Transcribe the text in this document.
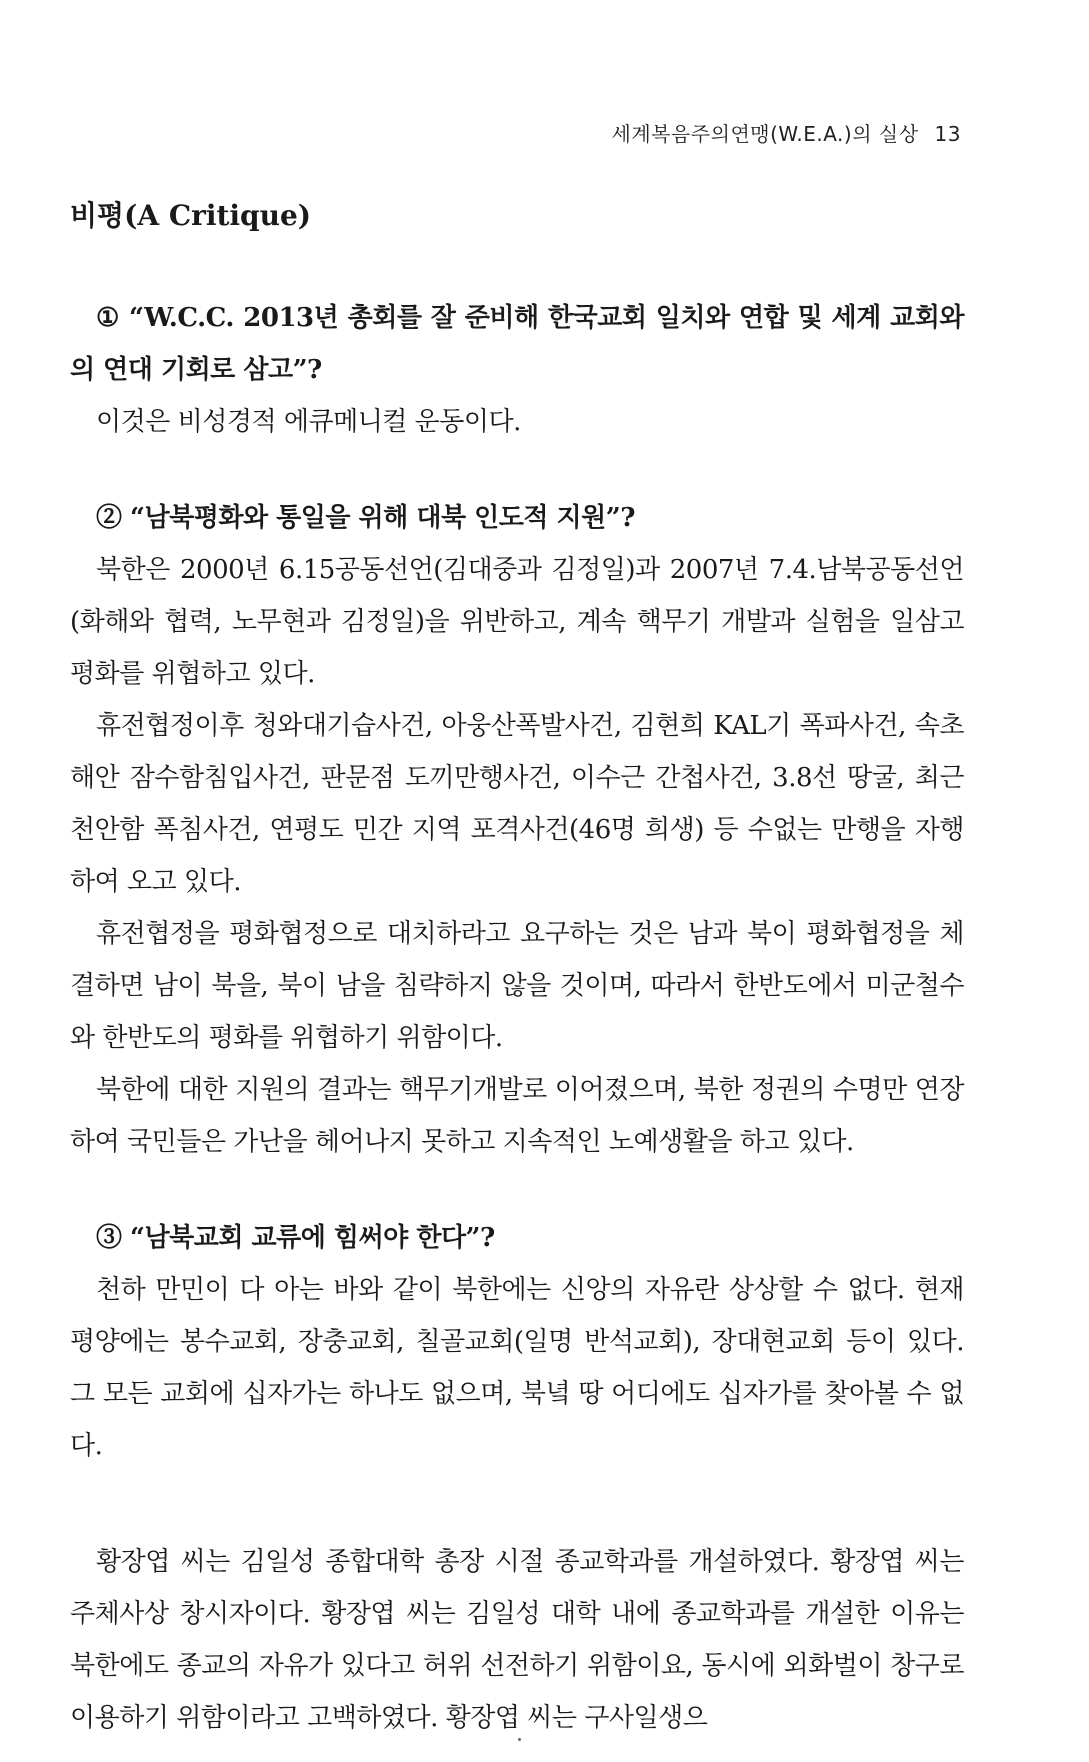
세계복음주의연맹(W.E.A.)의 실상 13
비평(A Critique)

① “W.C.C. 2013년 총회를 잘 준비해 한국교회 일치와 연합 및 세계 교회와의 연대 기회로 삼고”?

이것은 비성경적 에큐메니컬 운동이다.

② “남북평화와 통일을 위해 대북 인도적 지원”?

북한은 2000년 6.15공동선언(김대중과 김정일)과 2007년 7.4.남북공동선언(화해와 협력, 노무현과 김정일)을 위반하고, 계속 핵무기 개발과 실험을 일삼고 평화를 위협하고 있다.

휴전협정이후 청와대기습사건, 아웅산폭발사건, 김현희 KAL기 폭파사건, 속초해안 잠수함침입사건, 판문점 도끼만행사건, 이수근 간첩사건, 3.8선 땅굴, 최근 천안함 폭침사건, 연평도 민간 지역 포격사건(46명 희생) 등 수없는 만행을 자행하여 오고 있다.

휴전협정을 평화협정으로 대치하라고 요구하는 것은 남과 북이 평화협정을 체결하면 남이 북을, 북이 남을 침략하지 않을 것이며, 따라서 한반도에서 미군철수와 한반도의 평화를 위협하기 위함이다.

북한에 대한 지원의 결과는 핵무기개발로 이어졌으며, 북한 정권의 수명만 연장하여 국민들은 가난을 헤어나지 못하고 지속적인 노예생활을 하고 있다.

③ “남북교회 교류에 힘써야 한다”?

천하 만민이 다 아는 바와 같이 북한에는 신앙의 자유란 상상할 수 없다. 현재 평양에는 봉수교회, 장충교회, 칠골교회(일명 반석교회), 장대현교회 등이 있다. 그 모든 교회에 십자가는 하나도 없으며, 북녘 땅 어디에도 십자가를 찾아볼 수 없다.

황장엽 씨는 김일성 종합대학 총장 시절 종교학과를 개설하였다. 황장엽 씨는 주체사상 창시자이다. 황장엽 씨는 김일성 대학 내에 종교학과를 개설한 이유는 북한에도 종교의 자유가 있다고 허위 선전하기 위함이요, 동시에 외화벌이 창구로 이용하기 위함이라고 고백하였다. 황장엽 씨는 구사일생으
